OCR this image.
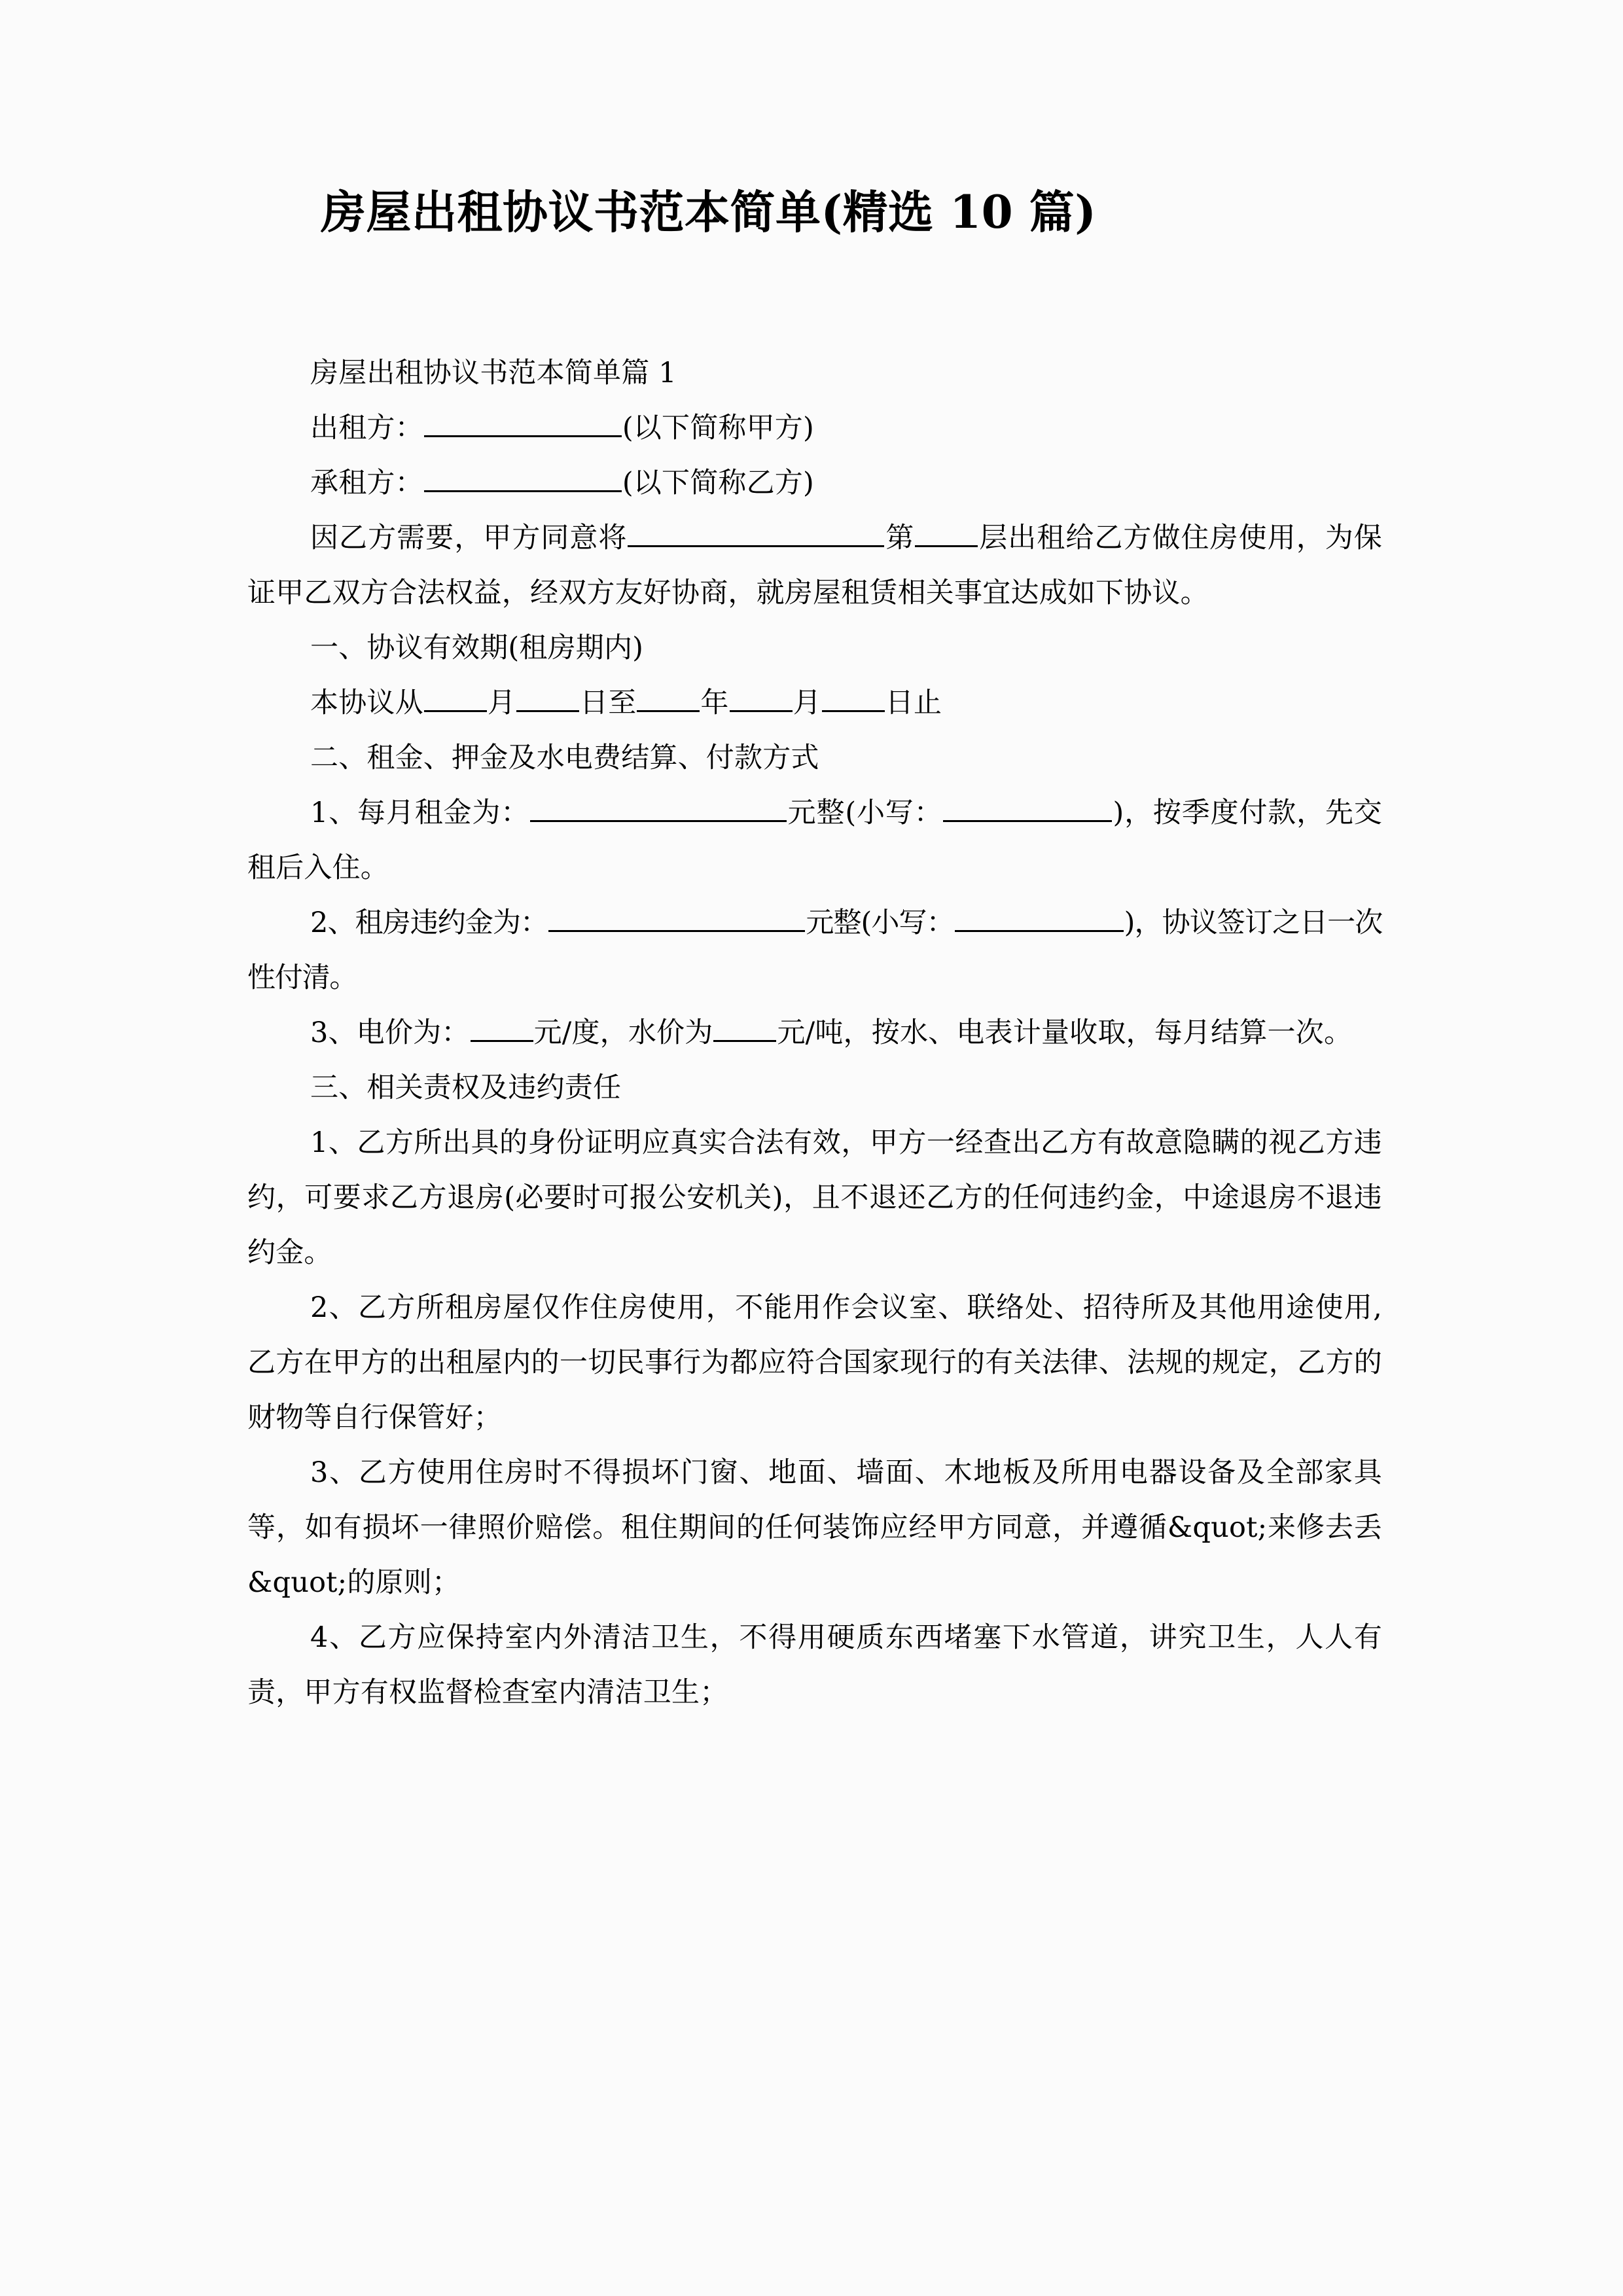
房屋出租协议书范本简单(精选 10 篇)

房屋出租协议书范本简单篇 1

出租方：	(以下简称甲方)

承租方：	(以下简称乙方)

因乙方需要，甲方同意将	第 层出租给乙方做住房使用，为保证甲乙双方合法权益，经双方友好协商，就房屋租赁相关事宜达成如下协议。

一、协议有效期(租房期内)

本协议从 月 日至 年 月 日止

二、租金、押金及水电费结算、付款方式

1、每月租金为：	元整(小写：	)，按季度付款，先交租后入住。

2、租房违约金为：	元整(小写：	)，协议签订之日一次性付清。

3、电价为： 元/度，水价为 元/吨，按水、电表计量收取，每月结算一次。

三、相关责权及违约责任

1、乙方所出具的身份证明应真实合法有效，甲方一经查出乙方有故意隐瞒的视乙方违约，可要求乙方退房(必要时可报公安机关)，且不退还乙方的任何违约金，中途退房不退违约金。

2、乙方所租房屋仅作住房使用，不能用作会议室、联络处、招待所及其他用途使用,乙方在甲方的出租屋内的一切民事行为都应符合国家现行的有关法律、法规的规定，乙方的财物等自行保管好；

3、乙方使用住房时不得损坏门窗、地面、墙面、木地板及所用电器设备及全部家具等，如有损坏一律照价赔偿。租住期间的任何装饰应经甲方同意，并遵循&quot;来修去丢&quot;的原则；

4、乙方应保持室内外清洁卫生，不得用硬质东西堵塞下水管道，讲究卫生，人人有责，甲方有权监督检查室内清洁卫生；
